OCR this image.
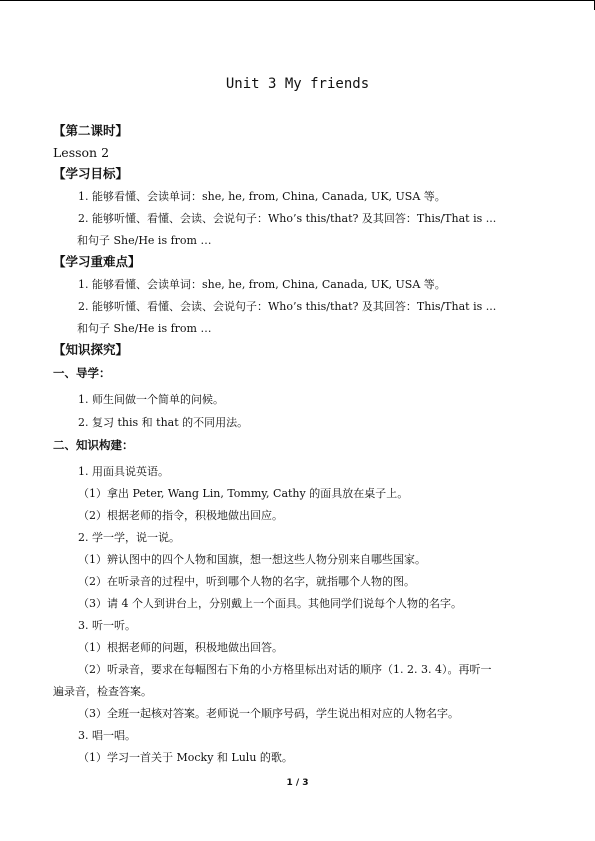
Unit 3 My friends
【第二课时】
Lesson 2
【学习目标】
1. 能够看懂、会读单词：she, he, from, China, Canada, UK, USA 等。
2. 能够听懂、看懂、会读、会说句子：Who’s this/that? 及其回答：This/That is ...
和句子 She/He is from …
【学习重难点】
1. 能够看懂、会读单词：she, he, from, China, Canada, UK, USA 等。
2. 能够听懂、看懂、会读、会说句子：Who’s this/that? 及其回答：This/That is ...
和句子 She/He is from …
【知识探究】
一、导学：
1. 师生间做一个简单的问候。
2. 复习 this 和 that 的不同用法。
二、知识构建：
1. 用面具说英语。
（1）拿出 Peter, Wang Lin, Tommy, Cathy 的面具放在桌子上。
（2）根据老师的指令，积极地做出回应。
2. 学一学，说一说。
（1）辨认图中的四个人物和国旗，想一想这些人物分别来自哪些国家。
（2）在听录音的过程中，听到哪个人物的名字，就指哪个人物的图。
（3）请 4 个人到讲台上，分别戴上一个面具。其他同学们说每个人物的名字。
3. 听一听。
（1）根据老师的问题，积极地做出回答。
（2）听录音，要求在每幅图右下角的小方格里标出对话的顺序（1. 2. 3. 4）。再听一
遍录音，检查答案。
（3）全班一起核对答案。老师说一个顺序号码，学生说出相对应的人物名字。
3. 唱一唱。
（1）学习一首关于 Mocky 和 Lulu 的歌。
1 / 3
